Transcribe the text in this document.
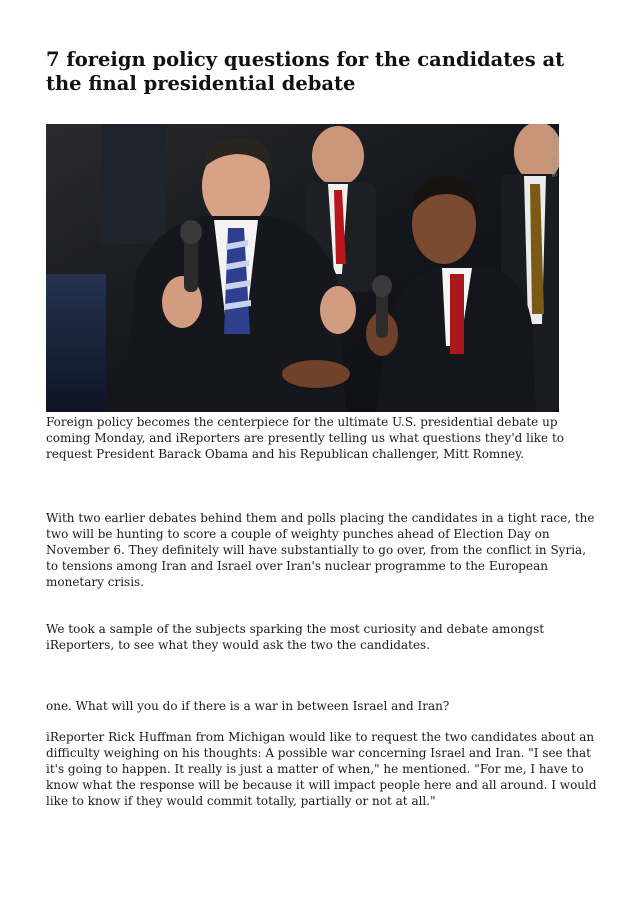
7 foreign policy questions for the candidates at the final presidential debate
GETTY IMAGES

Foreign policy becomes the centerpiece for the ultimate U.S. presidential debate up coming Monday, and iReporters are presently telling us what questions they'd like to request President Barack Obama and his Republican challenger, Mitt Romney.

With two earlier debates behind them and polls placing the candidates in a tight race, the two will be hunting to score a couple of weighty punches ahead of Election Day on November 6. They definitely will have substantially to go over, from the conflict in Syria, to tensions among Iran and Israel over Iran's nuclear programme to the European monetary crisis.

We took a sample of the subjects sparking the most curiosity and debate amongst iReporters, to see what they would ask the two the candidates.

one. What will you do if there is a war in between Israel and Iran?

iReporter Rick Huffman from Michigan would like to request the two candidates about an difficulty weighing on his thoughts: A possible war concerning Israel and Iran. "I see that it's going to happen. It really is just a matter of when," he mentioned. "For me, I have to know what the response will be because it will impact people here and all around. I would like to know if they would commit totally, partially or not at all."
